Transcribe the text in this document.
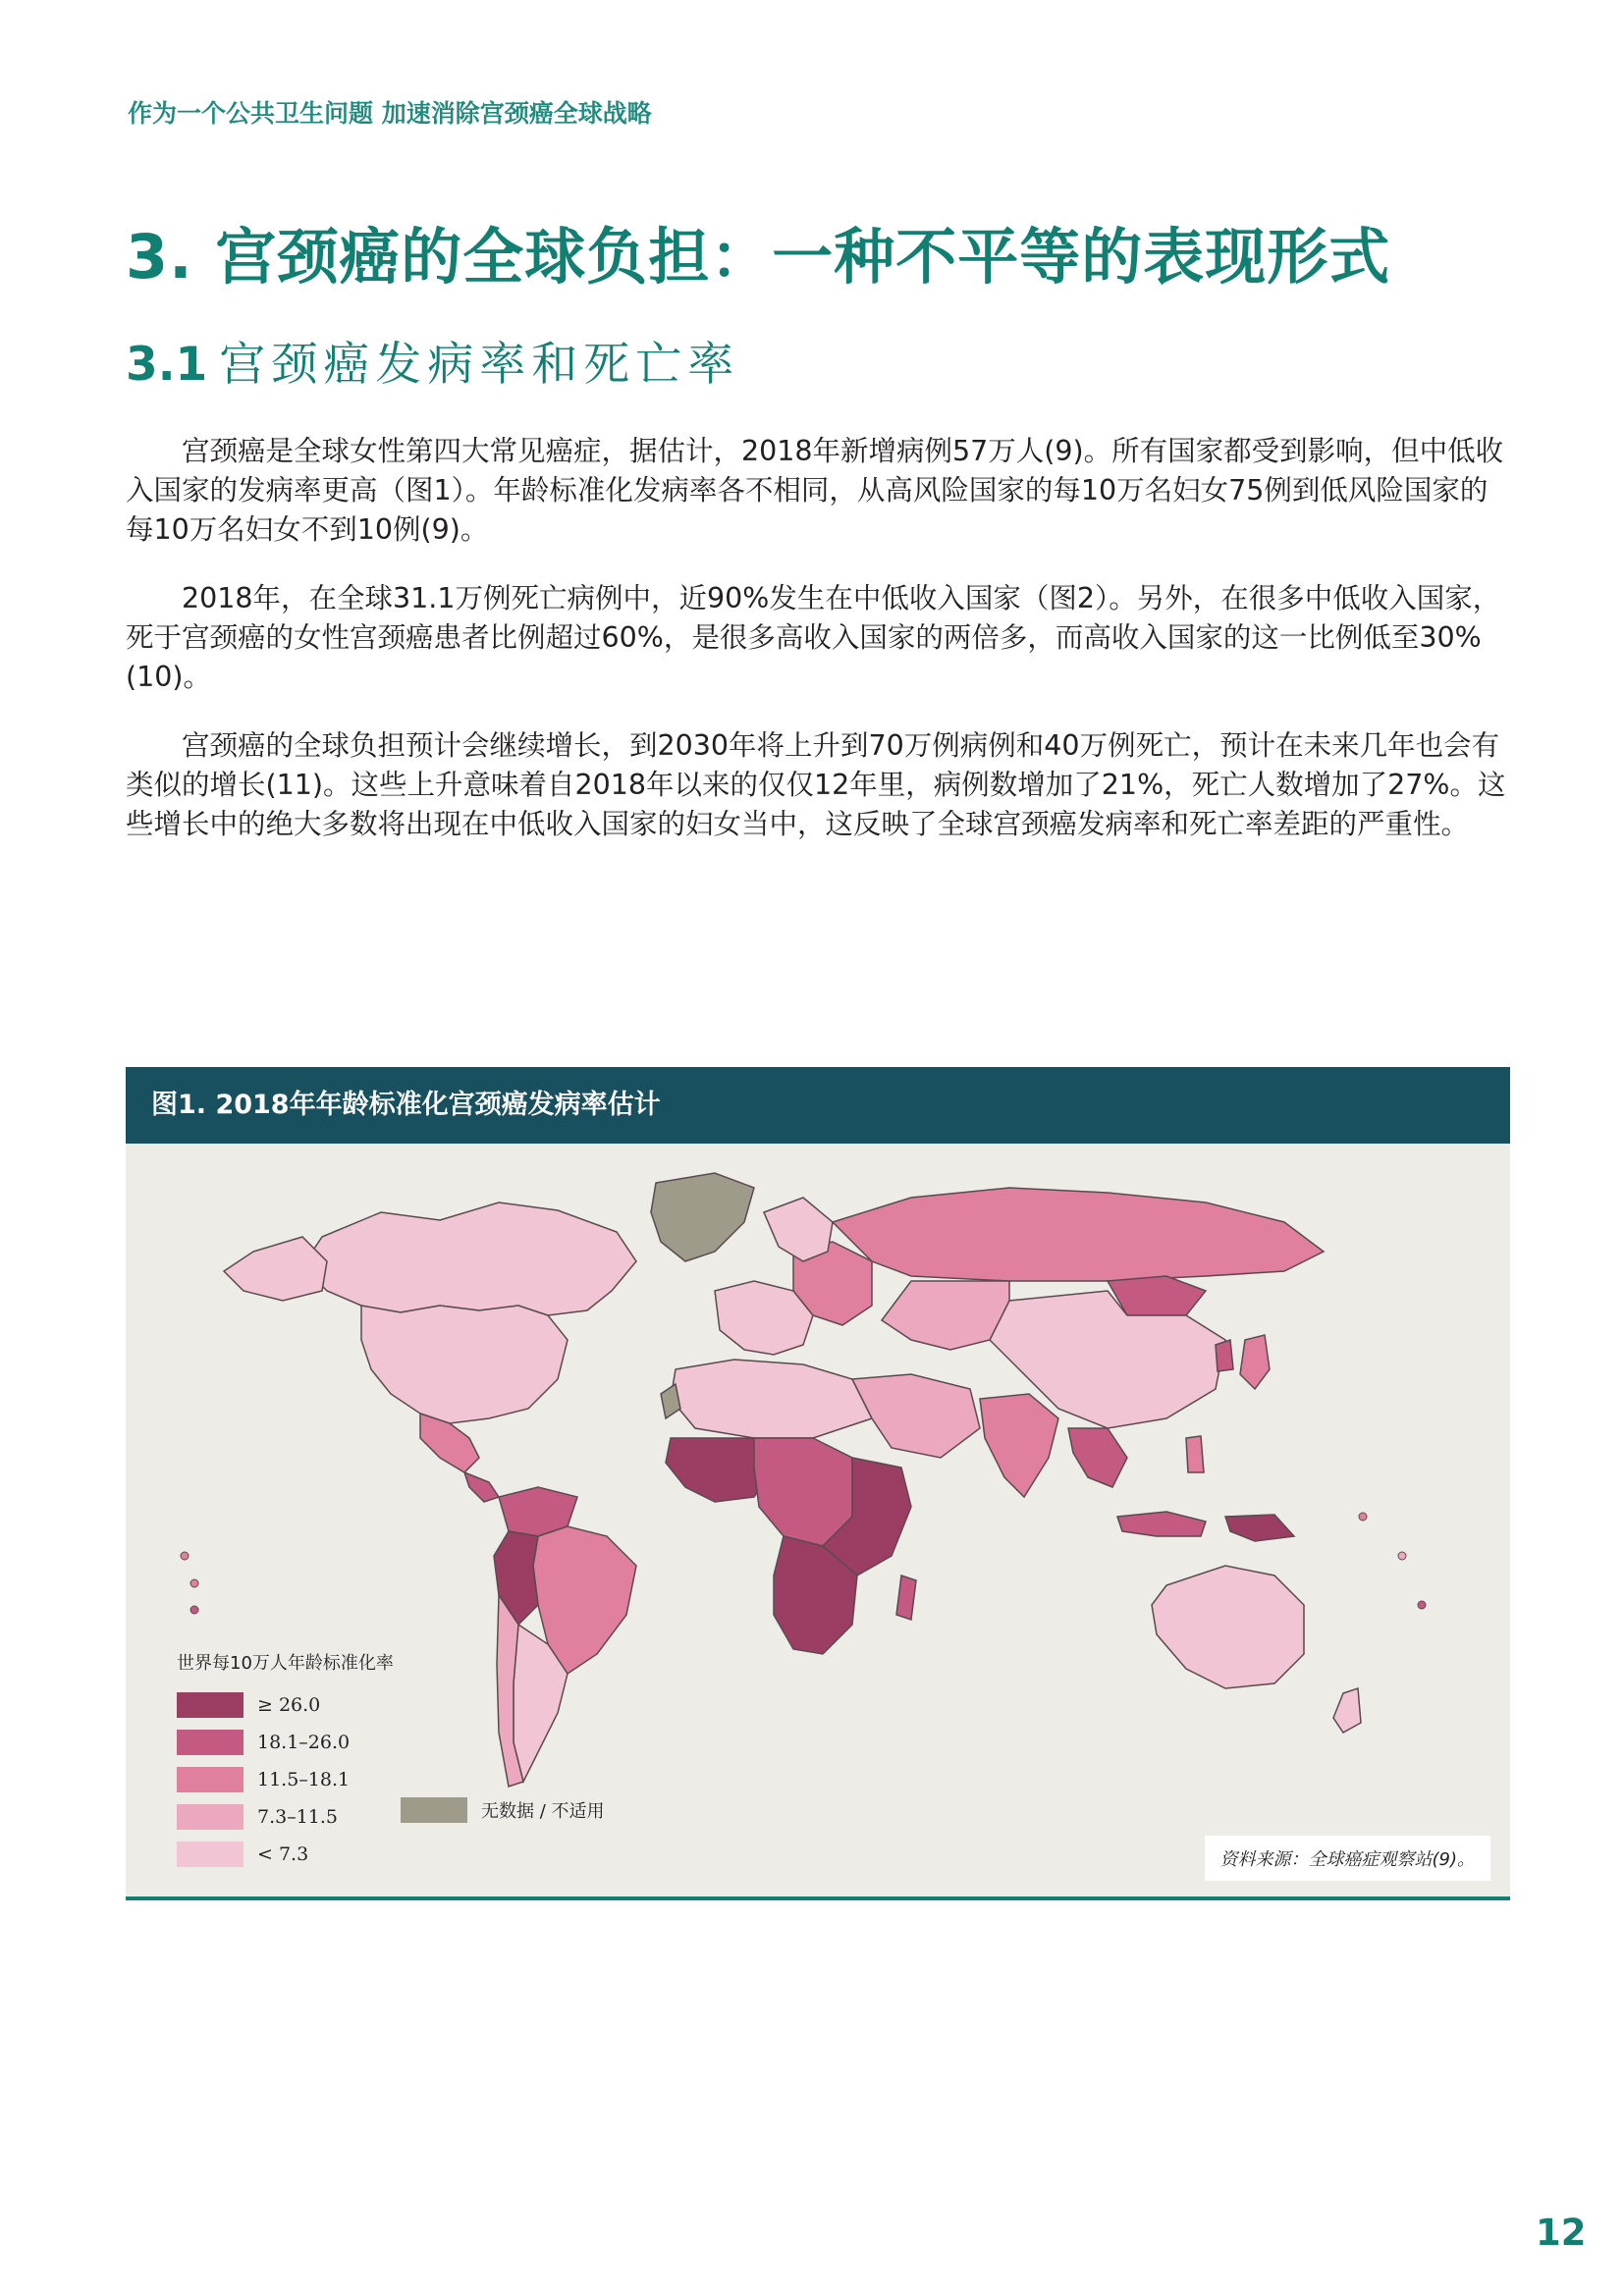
作为一个公共卫生问题 加速消除宫颈癌全球战略
3. 宫颈癌的全球负担：一种不平等的表现形式
3.1 宫颈癌发病率和死亡率

宫颈癌是全球女性第四大常见癌症，据估计，2018年新增病例57万人(9)。所有国家都受到影响，但中低收入国家的发病率更高（图1）。年龄标准化发病率各不相同，从高风险国家的每10万名妇女75例到低风险国家的每10万名妇女不到10例(9)。

2018年，在全球31.1万例死亡病例中，近90%发生在中低收入国家（图2）。另外，在很多中低收入国家，死于宫颈癌的女性宫颈癌患者比例超过60%，是很多高收入国家的两倍多，而高收入国家的这一比例低至30%(10)。

宫颈癌的全球负担预计会继续增长，到2030年将上升到70万例病例和40万例死亡，预计在未来几年也会有类似的增长(11)。这些上升意味着自2018年以来的仅仅12年里，病例数增加了21%，死亡人数增加了27%。这些增长中的绝大多数将出现在中低收入国家的妇女当中，这反映了全球宫颈癌发病率和死亡率差距的严重性。

图1. 2018年年龄标准化宫颈癌发病率估计
世界每10万人年龄标准化率
≥ 26.0
18.1–26.0
11.5–18.1
7.3–11.5
< 7.3
无数据 / 不适用
资料来源：全球癌症观察站(9)。
12
